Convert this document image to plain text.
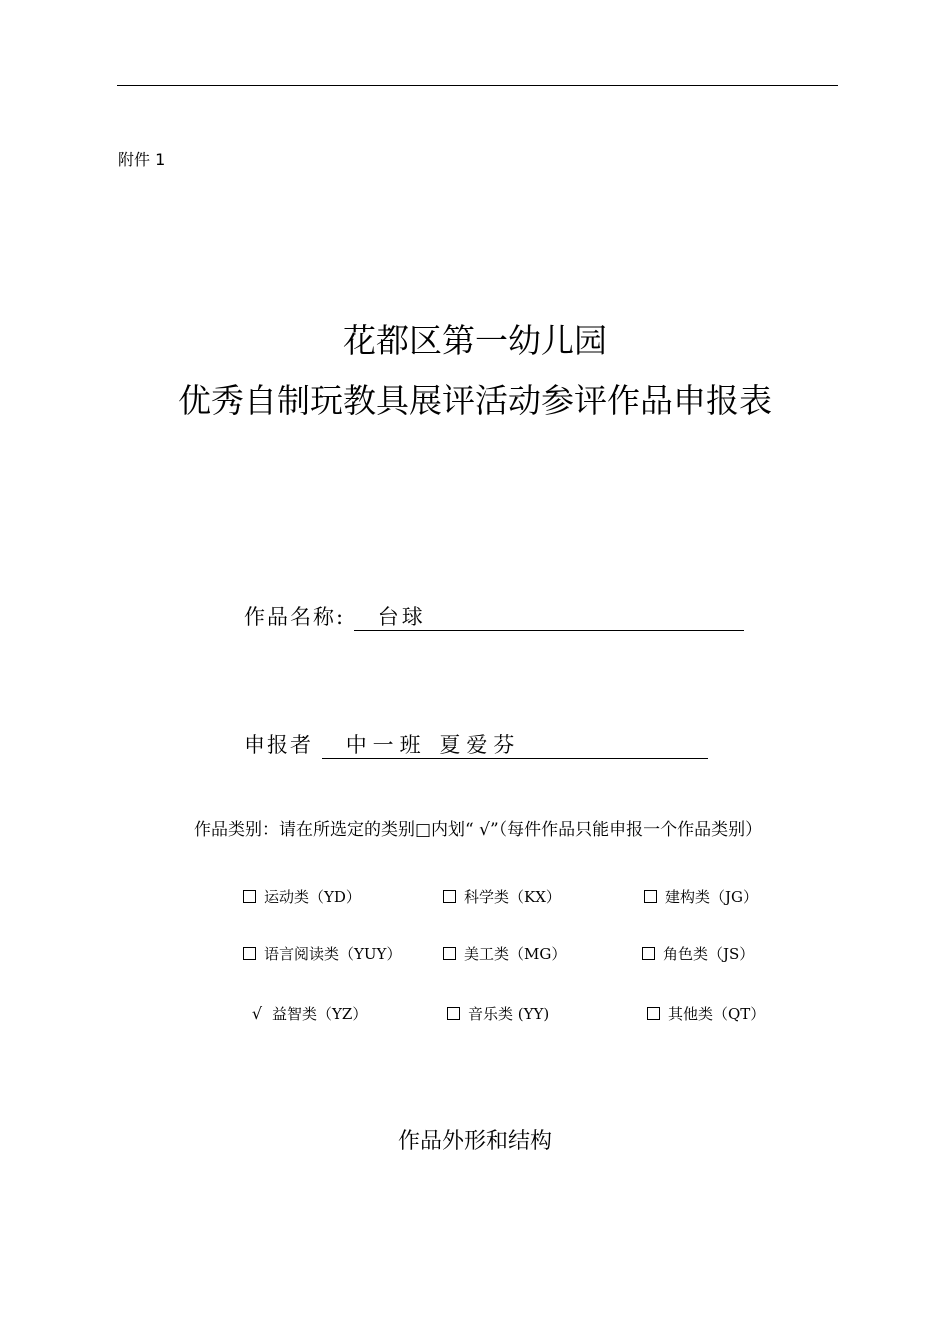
附件 1
花都区第一幼儿园
优秀自制玩教具展评活动参评作品申报表
作品名称: 台球
申报者 中一班 夏爱芬
作品类别：请在所选定的类别□内划“ √”（每件作品只能申报一个作品类别）
运动类（YD）	科学类（KX）	建构类（JG）
语言阅读类（YUY）	美工类（MG）	角色类（JS）
√ 益智类（YZ）	音乐类 (YY)	其他类（QT）
作品外形和结构
